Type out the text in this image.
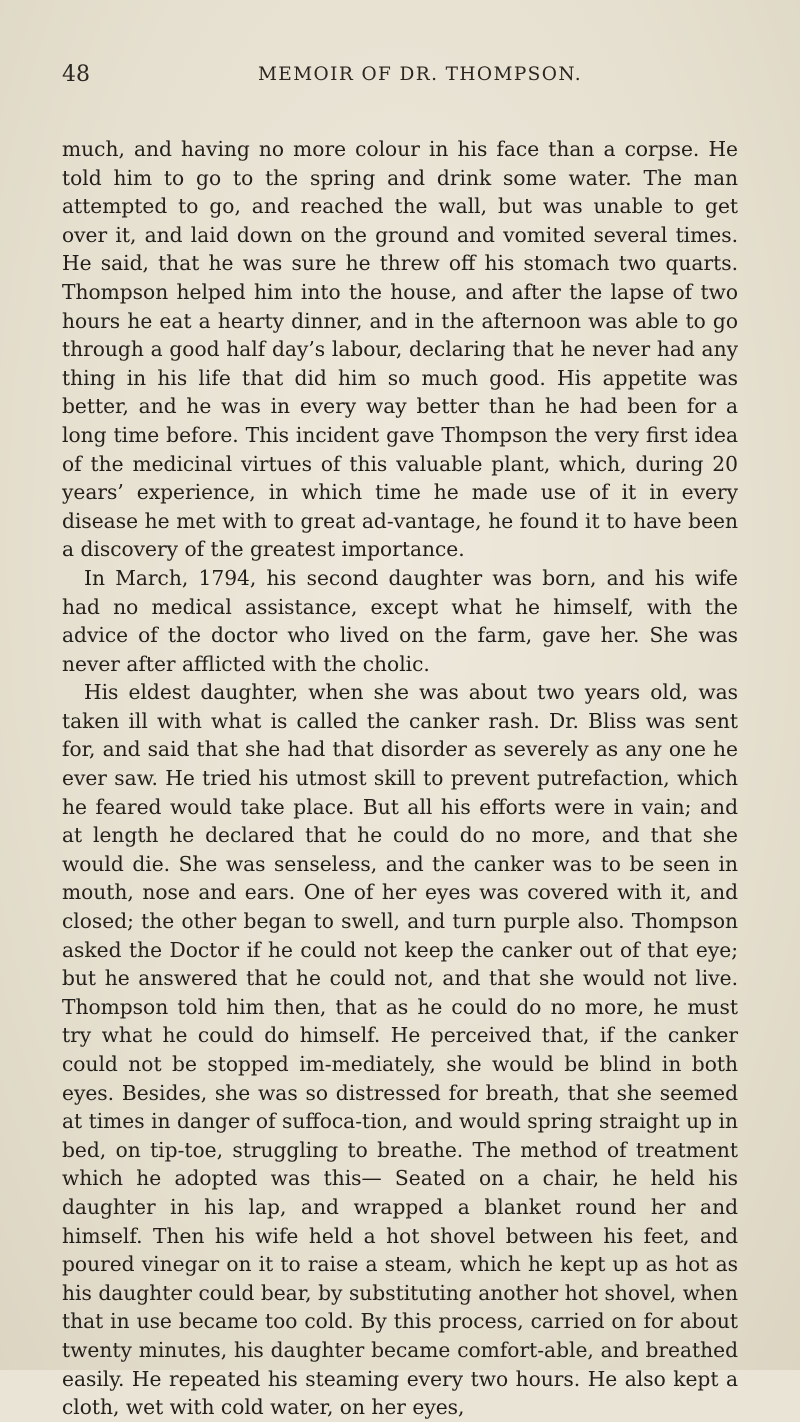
48	MEMOIR OF DR. THOMPSON.

much, and having no more colour in his face than a corpse. He told him to go to the spring and drink some water. The man attempted to go, and reached the wall, but was unable to get over it, and laid down on the ground and vomited several times. He said, that he was sure he threw off his stomach two quarts. Thompson helped him into the house, and after the lapse of two hours he eat a hearty dinner, and in the afternoon was able to go through a good half day’s labour, declaring that he never had any thing in his life that did him so much good. His appetite was better, and he was in every way better than he had been for a long time before. This incident gave Thompson the very first idea of the medicinal virtues of this valuable plant, which, during 20 years’ experience, in which time he made use of it in every disease he met with to great ad-vantage, he found it to have been a discovery of the greatest importance.

In March, 1794, his second daughter was born, and his wife had no medical assistance, except what he himself, with the advice of the doctor who lived on the farm, gave her. She was never after afflicted with the cholic.

His eldest daughter, when she was about two years old, was taken ill with what is called the canker rash. Dr. Bliss was sent for, and said that she had that disorder as severely as any one he ever saw. He tried his utmost skill to prevent putrefaction, which he feared would take place. But all his efforts were in vain; and at length he declared that he could do no more, and that she would die. She was senseless, and the canker was to be seen in mouth, nose and ears. One of her eyes was covered with it, and closed; the other began to swell, and turn purple also. Thompson asked the Doctor if he could not keep the canker out of that eye; but he answered that he could not, and that she would not live. Thompson told him then, that as he could do no more, he must try what he could do himself. He perceived that, if the canker could not be stopped im-mediately, she would be blind in both eyes. Besides, she was so distressed for breath, that she seemed at times in danger of suffoca-tion, and would spring straight up in bed, on tip-toe, struggling to breathe. The method of treatment which he adopted was this— Seated on a chair, he held his daughter in his lap, and wrapped a blanket round her and himself. Then his wife held a hot shovel between his feet, and poured vinegar on it to raise a steam, which he kept up as hot as his daughter could bear, by substituting another hot shovel, when that in use became too cold. By this process, carried on for about twenty minutes, his daughter became comfort-able, and breathed easily. He repeated his steaming every two hours. He also kept a cloth, wet with cold water, on her eyes,
